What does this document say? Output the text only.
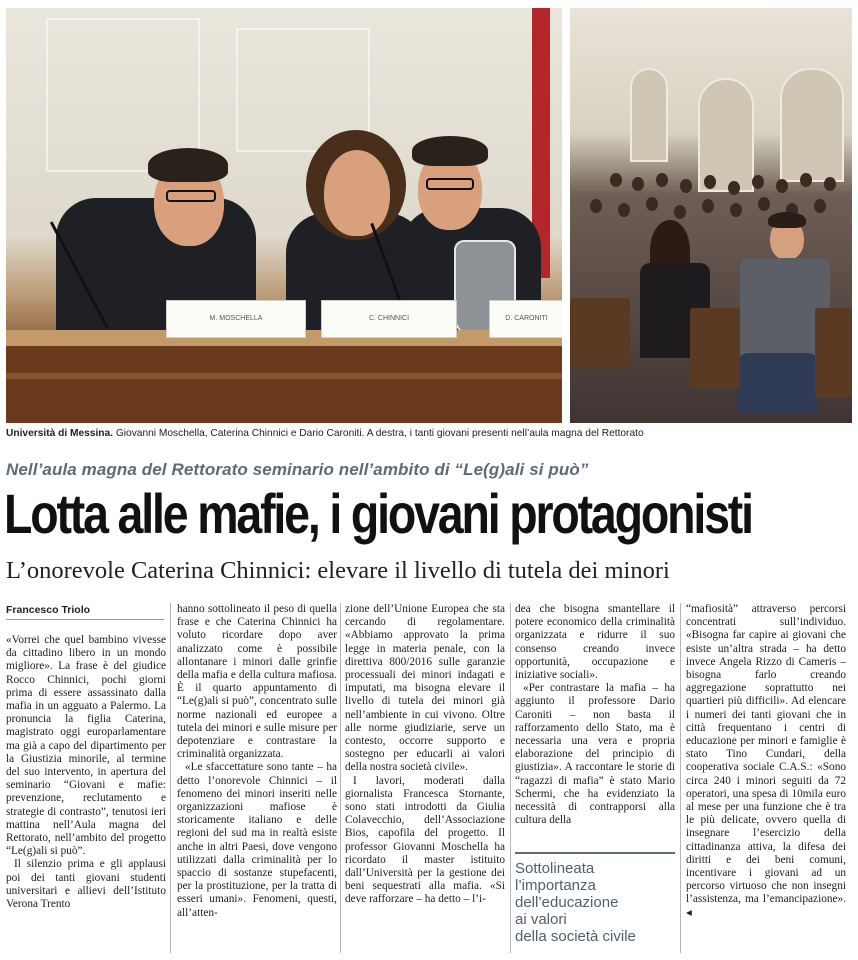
M. MOSCHELLA	C. CHINNICI	D. CARONITI
Università di Messina. Giovanni Moschella, Caterina Chinnici e Dario Caroniti. A destra, i tanti giovani presenti nell’aula magna del Rettorato
Nell’aula magna del Rettorato seminario nell’ambito di “Le(g)ali si può”
Lotta alle mafie, i giovani protagonisti
L’onorevole Caterina Chinnici: elevare il livello di tutela dei minori
Francesco Triolo

«Vorrei che quel bambino vivesse da cittadino libero in un mondo migliore». La frase è del giudice Rocco Chinnici, pochi giorni prima di essere assassinato dalla mafia in un agguato a Palermo. La pronuncia la figlia Caterina, magistrato oggi europarlamentare ma già a capo del dipartimento per la Giustizia minorile, al termine del suo intervento, in apertura del seminario “Giovani e mafie: prevenzione, reclutamento e strategie di contrasto”, tenutosi ieri mattina nell’Aula magna del Rettorato, nell’ambito del progetto “Le(g)ali si può”.

Il silenzio prima e gli applausi poi dei tanti giovani studenti universitari e allievi dell’Istituto Verona Trento

hanno sottolineato il peso di quella frase e che Caterina Chinnici ha voluto ricordare dopo aver analizzato come è possibile allontanare i minori dalle grinfie della mafia e della cultura mafiosa. È il quarto appuntamento di “Le(g)ali si può”, concentrato sulle norme nazionali ed europee a tutela dei minori e sulle misure per depotenziare e contrastare la criminalità organizzata.

«Le sfaccettature sono tante – ha detto l’onorevole Chinnici – il fenomeno dei minori inseriti nelle organizzazioni mafiose è storicamente italiano e delle regioni del sud ma in realtà esiste anche in altri Paesi, dove vengono utilizzati dalla criminalità per lo spaccio di sostanze stupefacenti, per la prostituzione, per la tratta di esseri umani». Fenomeni, questi, all’atten-

zione dell’Unione Europea che sta cercando di regolamentare. «Abbiamo approvato la prima legge in materia penale, con la direttiva 800/2016 sulle garanzie processuali dei minori indagati e imputati, ma bisogna elevare il livello di tutela dei minori già nell’ambiente in cui vivono. Oltre alle norme giudiziarie, serve un contesto, occorre supporto e sostegno per educarli ai valori della nostra società civile».

I lavori, moderati dalla giornalista Francesca Stornante, sono stati introdotti da Giulia Colavecchio, dell’Associazione Bios, capofila del progetto. Il professor Giovanni Moschella ha ricordato il master istituito dall’Università per la gestione dei beni sequestrati alla mafia. «Si deve rafforzare – ha detto – l’i-

dea che bisogna smantellare il potere economico della criminalità organizzata e ridurre il suo consenso creando invece opportunità, occupazione e iniziative sociali».

«Per contrastare la mafia – ha aggiunto il professore Dario Caroniti – non basta il rafforzamento dello Stato, ma è necessaria una vera e propria elaborazione del principio di giustizia». A raccontare le storie di “ragazzi di mafia” è stato Mario Schermi, che ha evidenziato la necessità di contrapporsi alla cultura della

Sottolineata
l’importanza
dell’educazione
ai valori
della società civile

“mafiosità” attraverso percorsi concentrati sull’individuo. «Bisogna far capire ai giovani che esiste un’altra strada – ha detto invece Angela Rizzo di Cameris – bisogna farlo creando aggregazione soprattutto nei quartieri più difficili». Ad elencare i numeri dei tanti giovani che in città frequentano i centri di educazione per minori e famiglie è stato Tino Cundari, della cooperativa sociale C.A.S.: «Sono circa 240 i minori seguiti da 72 operatori, una spesa di 10mila euro al mese per una funzione che è tra le più delicate, ovvero quella di insegnare l’esercizio della cittadinanza attiva, la difesa dei diritti e dei beni comuni, incentivare i giovani ad un percorso virtuoso che non insegni l’assistenza, ma l’emancipazione». ◂
